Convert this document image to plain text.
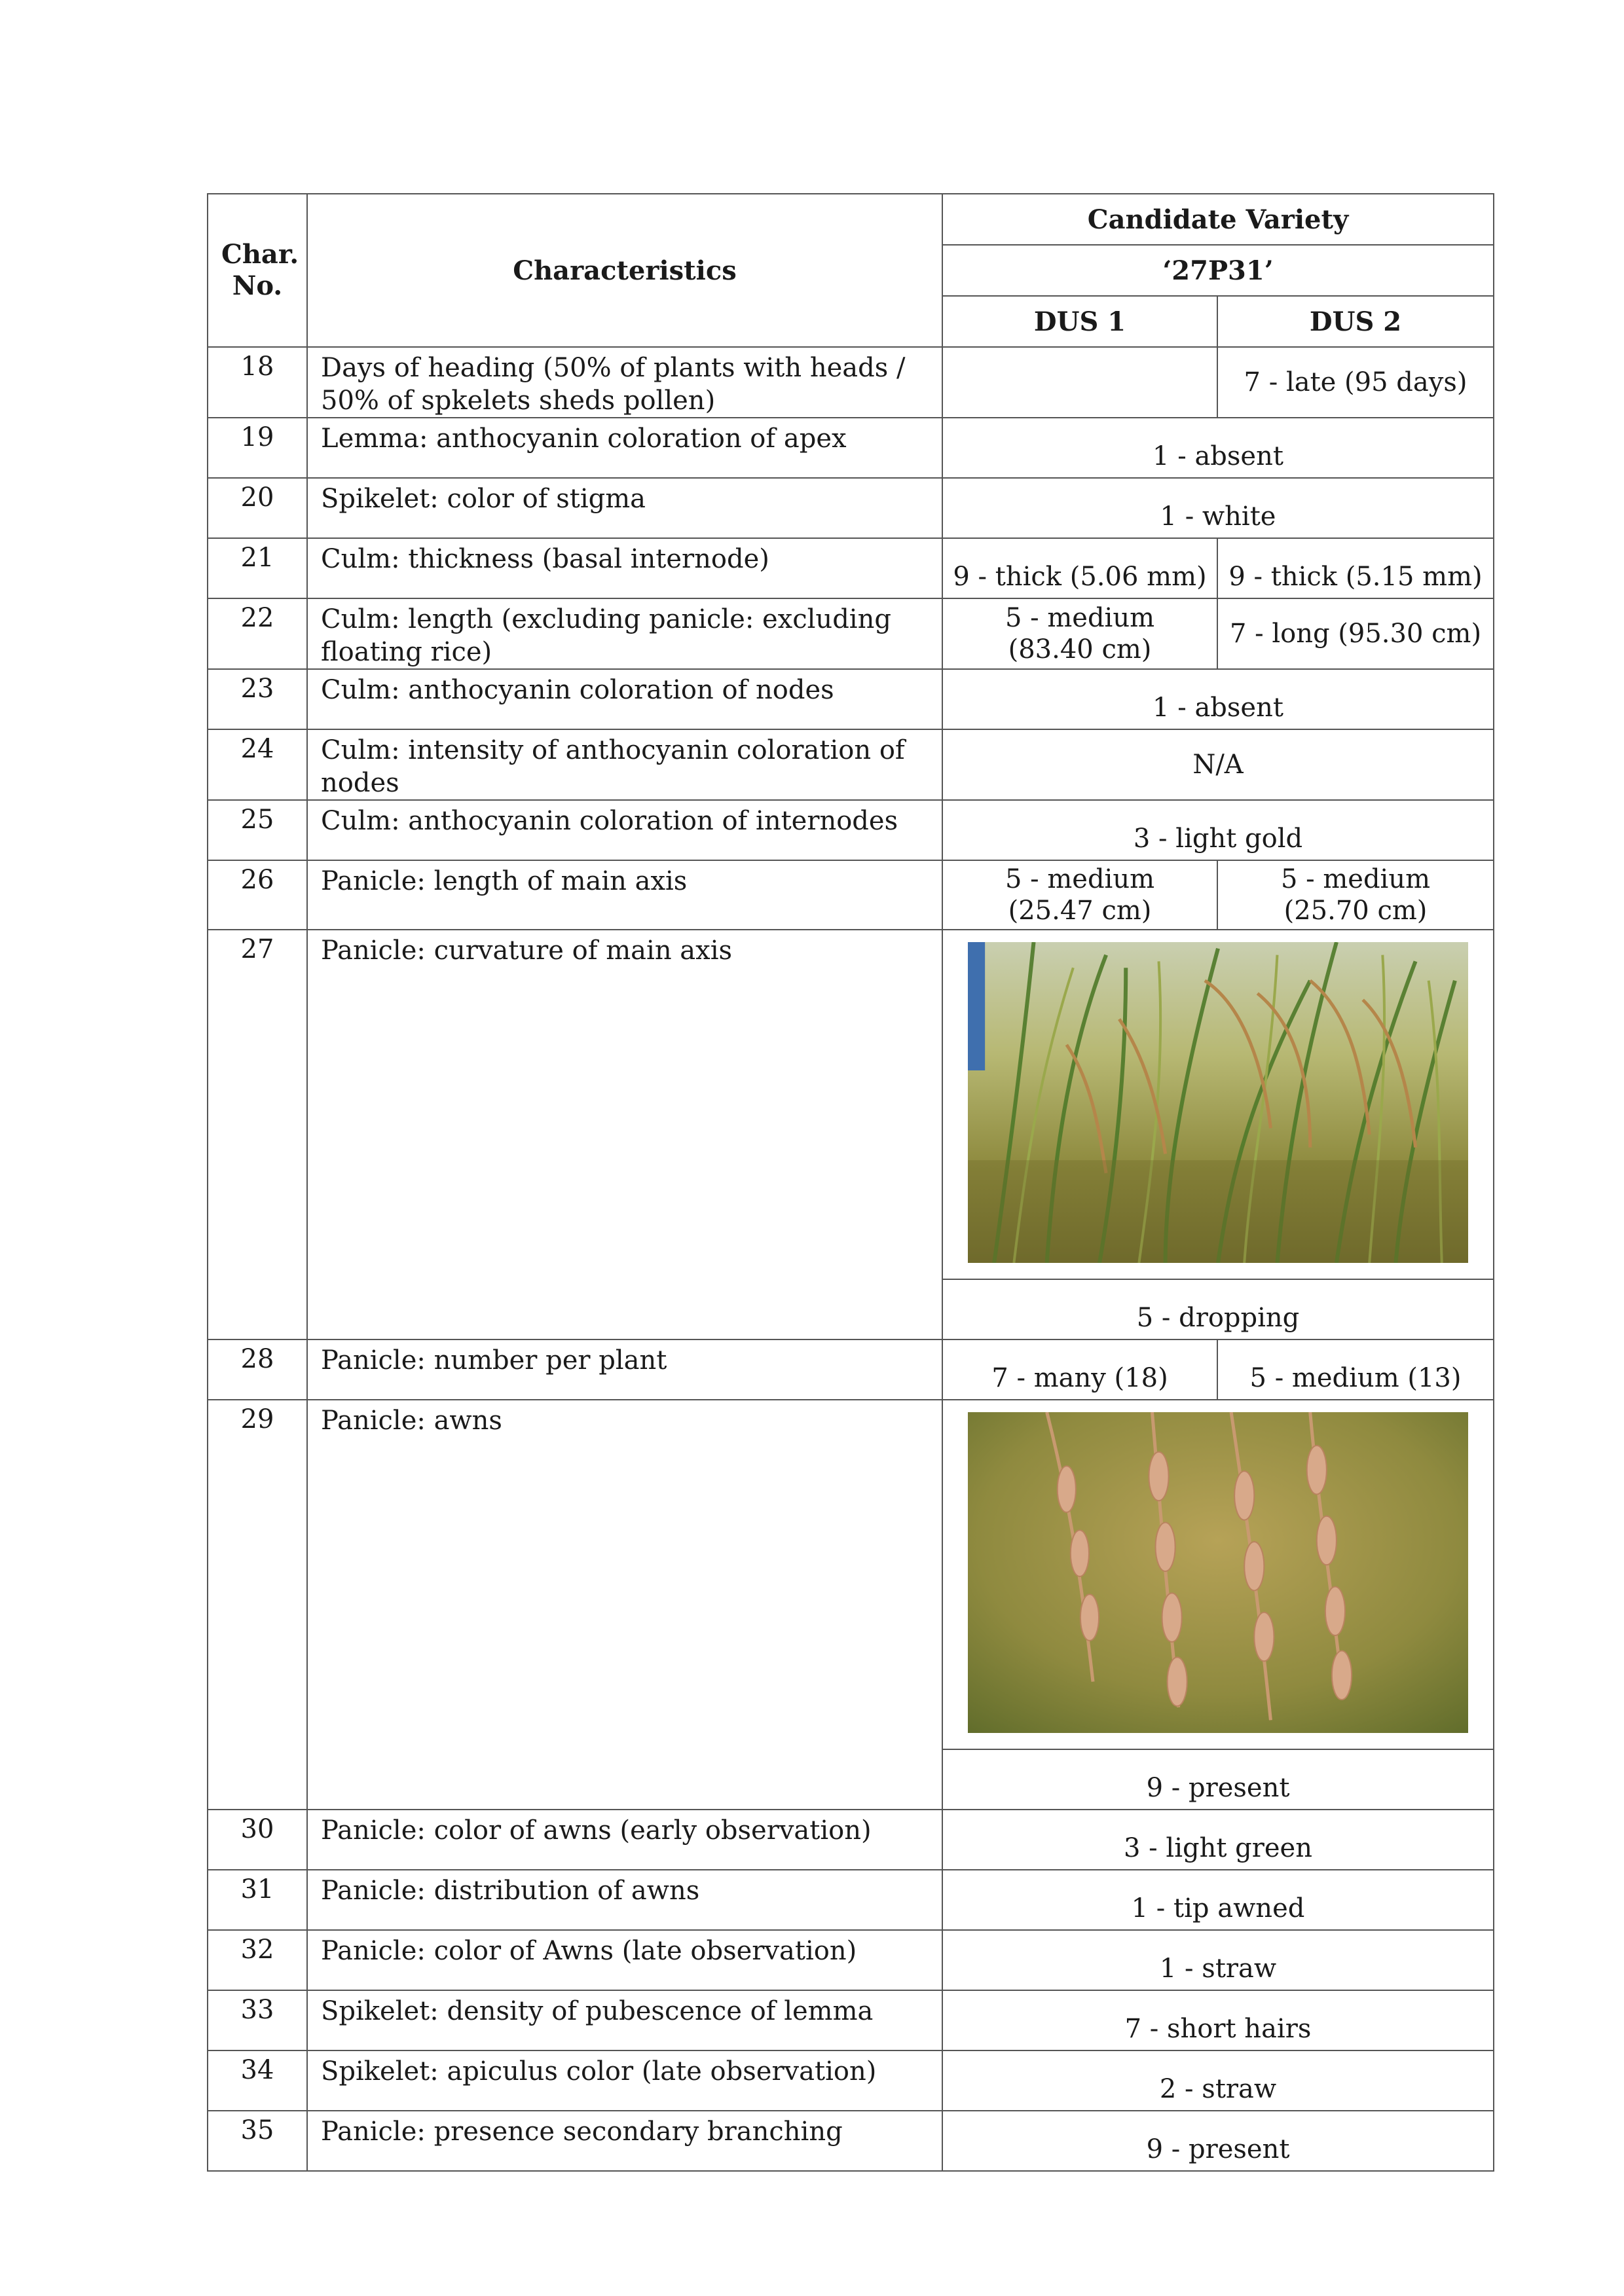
Char. No.	Characteristics	Candidate Variety	
		‘27P31’	
		DUS 1	DUS 2
18	Days of heading (50% of plants with heads / 50% of spkelets sheds pollen)		7 - late (95 days)
19	Lemma: anthocyanin coloration of apex	1 - absent	
20	Spikelet: color of stigma	1 - white	
21	Culm: thickness (basal internode)	9 - thick (5.06 mm)	9 - thick (5.15 mm)
22	Culm: length (excluding panicle: excluding floating rice)	5 - medium (83.40 cm)	7 - long (95.30 cm)
23	Culm: anthocyanin coloration of nodes	1 - absent	
24	Culm: intensity of anthocyanin coloration of nodes	N/A	
25	Culm: anthocyanin coloration of internodes	3 - light gold	
26	Panicle: length of main axis	5 - medium (25.47 cm)	5 - medium (25.70 cm)
27	Panicle: curvature of main axis	

		5 - dropping	
28	Panicle: number per plant	7 - many (18)	5 - medium (13)
29	Panicle: awns	

		9 - present	
30	Panicle: color of awns (early observation)	3 - light green	
31	Panicle: distribution of awns	1 - tip awned	
32	Panicle: color of Awns (late observation)	1 - straw	
33	Spikelet: density of pubescence of lemma	7 - short hairs	
34	Spikelet: apiculus color (late observation)	2 - straw	
35	Panicle: presence secondary branching	9 - present	
